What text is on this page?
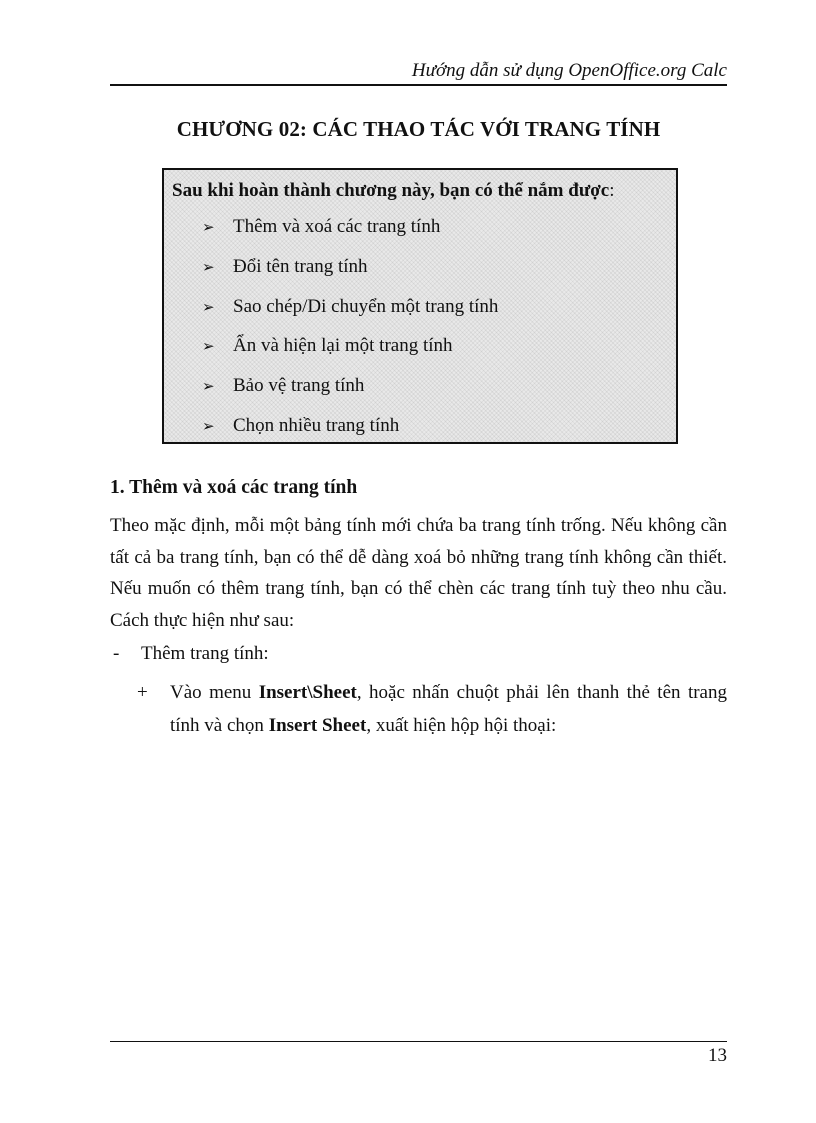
Hướng dẫn sử dụng OpenOffice.org Calc
CHƯƠNG 02: CÁC THAO TÁC VỚI TRANG TÍNH
Sau khi hoàn thành chương này, bạn có thể nắm được:
➢ Thêm và xoá các trang tính
➢ Đổi tên trang tính
➢ Sao chép/Di chuyển một trang tính
➢ Ẩn và hiện lại một trang tính
➢ Bảo vệ trang tính
➢ Chọn nhiều trang tính
1. Thêm và xoá các trang tính

Theo mặc định, mỗi một bảng tính mới chứa ba trang tính trống. Nếu không cần tất cả ba trang tính, bạn có thể dễ dàng xoá bỏ những trang tính không cần thiết. Nếu muốn có thêm trang tính, bạn có thể chèn các trang tính tuỳ theo nhu cầu. Cách thực hiện như sau:

- Thêm trang tính:
+	Vào menu Insert\Sheet, hoặc nhấn chuột phải lên thanh thẻ tên trang tính và chọn Insert Sheet, xuất hiện hộp hội thoại:
13
